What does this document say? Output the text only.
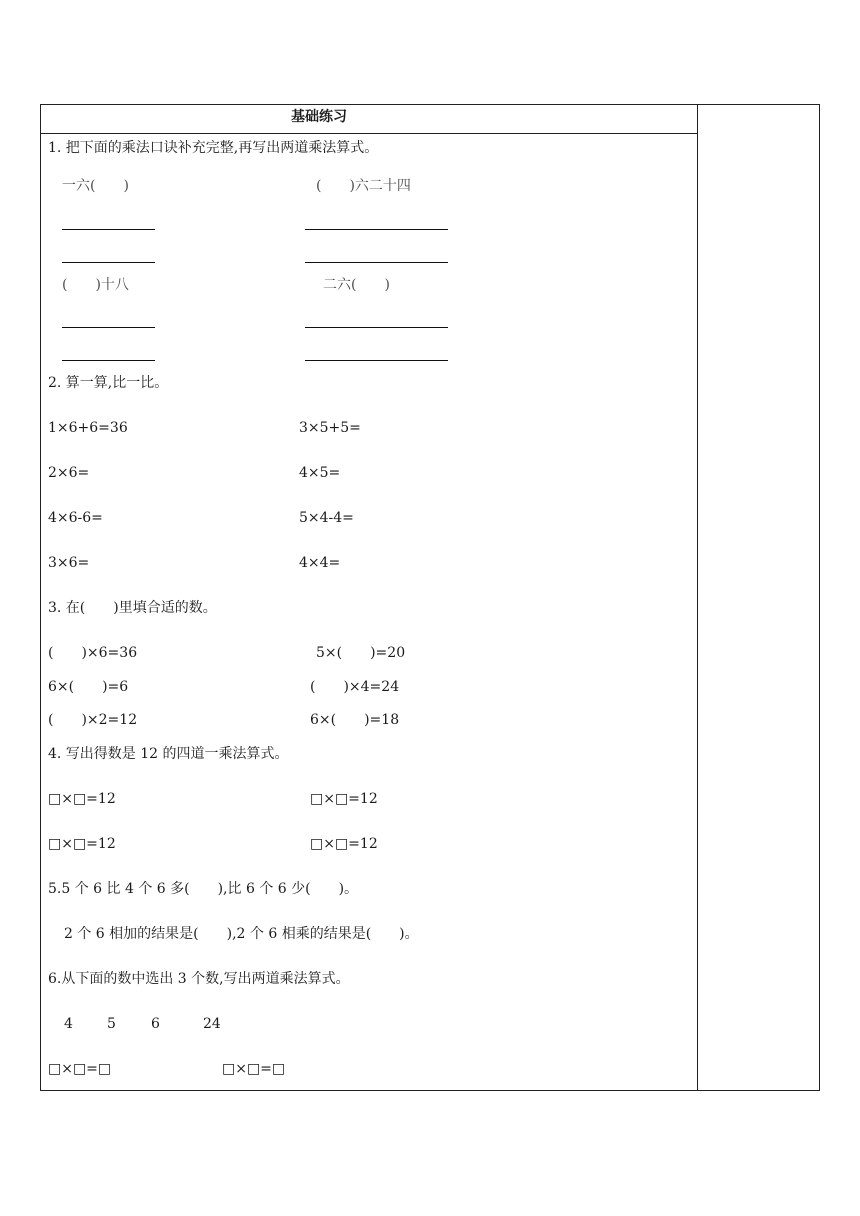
基础练习
1. 把下面的乘法口诀补充完整,再写出两道乘法算式。
一六(　　)	(　　)六二十四
(　　)十八	二六(　　)
2. 算一算,比一比。
1×6+6=36	3×5+5=
2×6=	4×5=
4×6-6=	5×4-4=
3×6=	4×4=
3. 在(　　)里填合适的数。
(　　)×6=36	5×(　　)=20
6×(　　)=6	(　　)×4=24
(　　)×2=12	6×(　　)=18
4. 写出得数是 12 的四道一乘法算式。
□×□=12	□×□=12
□×□=12	□×□=12
5.5 个 6 比 4 个 6 多(　　),比 6 个 6 少(　　)。
2 个 6 相加的结果是(　　),2 个 6 相乘的结果是(　　)。
6.从下面的数中选出 3 个数,写出两道乘法算式。
4 5	6	24
□×□=□	□×□=□
